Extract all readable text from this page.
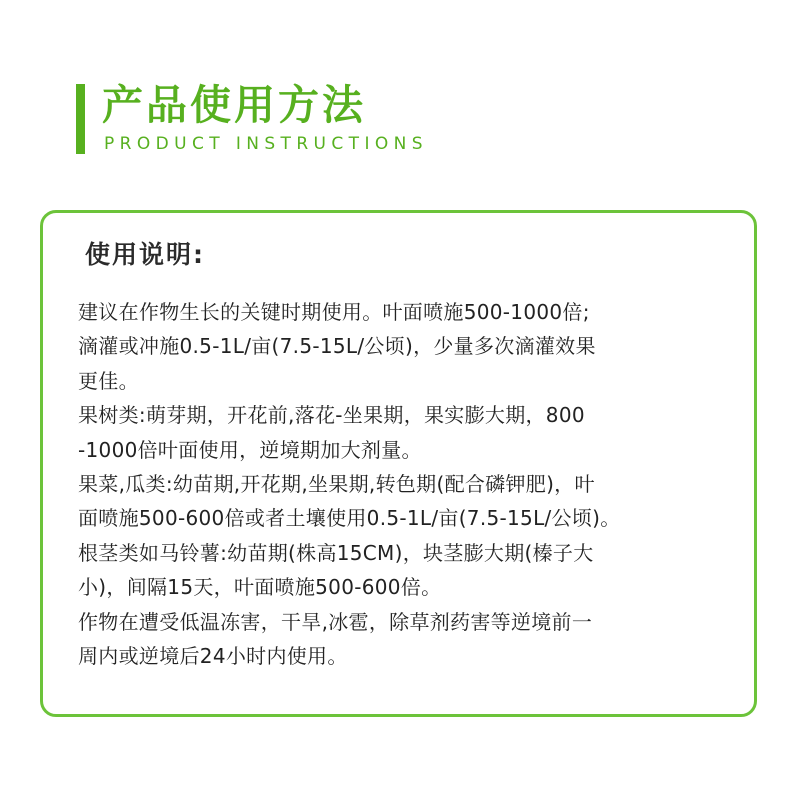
产品使用方法
PRODUCT INSTRUCTIONS
使用说明:

建议在作物生长的关键时期使用。叶面喷施500-1000倍;
滴灌或冲施0.5-1L/亩(7.5-15L/公顷)，少量多次滴灌效果
更佳。

果树类:萌芽期，开花前,落花-坐果期，果实膨大期，800
-1000倍叶面使用，逆境期加大剂量。

果菜,瓜类:幼苗期,开花期,坐果期,转色期(配合磷钾肥)，叶
面喷施500-600倍或者土壤使用0.5-1L/亩(7.5-15L/公顷)。

根茎类如马铃薯:幼苗期(株高15CM)，块茎膨大期(榛子大
小)，间隔15天，叶面喷施500-600倍。

作物在遭受低温冻害，干旱,冰雹，除草剂药害等逆境前一
周内或逆境后24小时内使用。
